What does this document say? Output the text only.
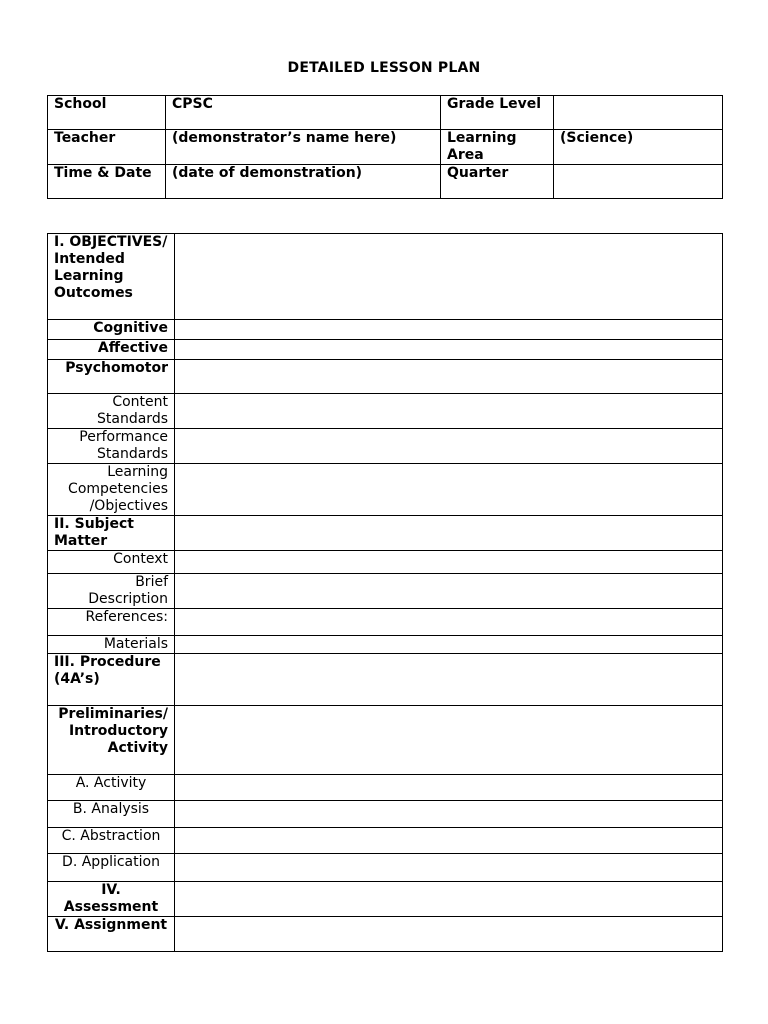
DETAILED LESSON PLAN
School	CPSC	Grade Level	
Teacher	(demonstrator’s name here)	Learning Area	(Science)
Time & Date	(date of demonstration)	Quarter	
I. OBJECTIVES/ Intended Learning Outcomes	
Cognitive	
Affective	
Psychomotor	
Content Standards	
Performance Standards	
Learning Competencies /Objectives	
II. Subject Matter	
Context	
Brief Description	
References:	
Materials	
III. Procedure (4A’s)	
Preliminaries/ Introductory Activity	
A. Activity	
B. Analysis	
C. Abstraction	
D. Application	
IV. Assessment	
V. Assignment	
